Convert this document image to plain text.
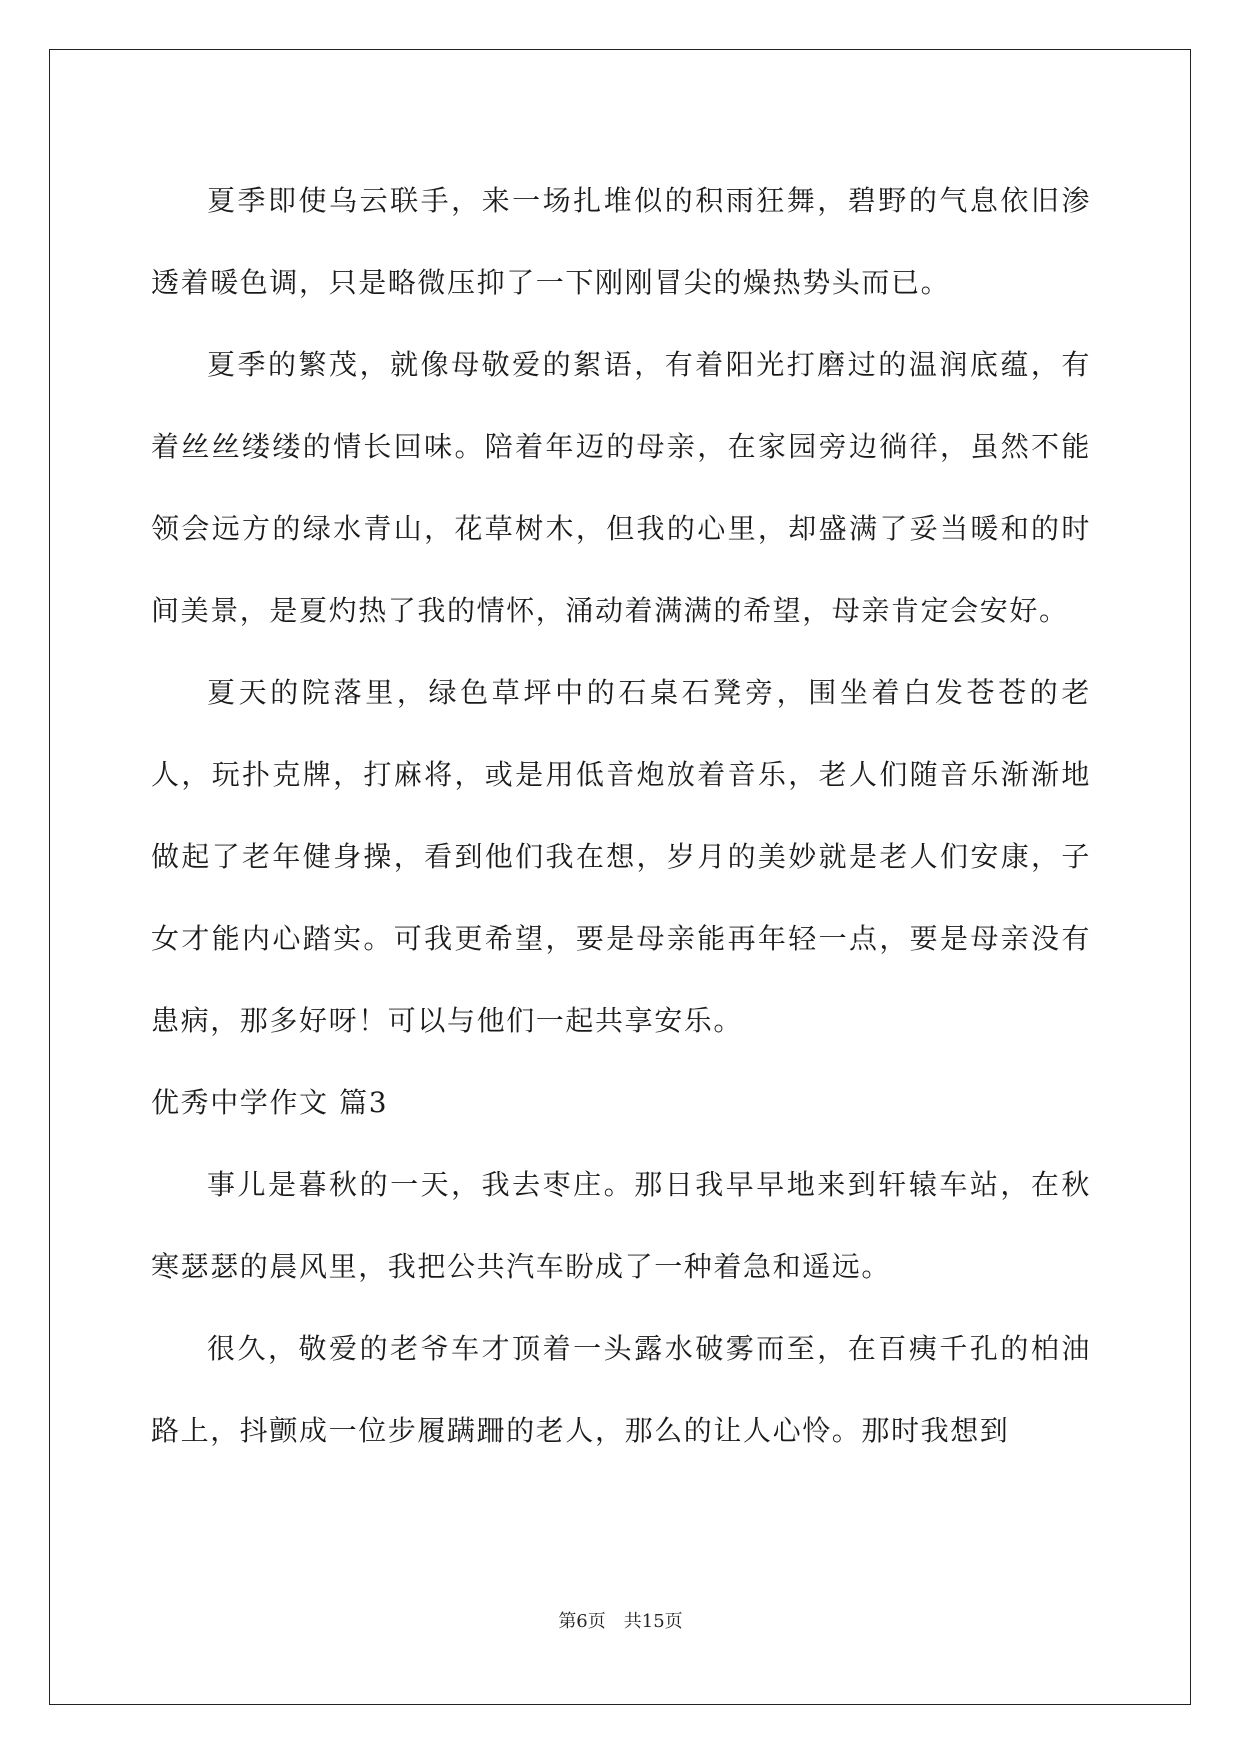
夏季即使乌云联手，来一场扎堆似的积雨狂舞，碧野的气息依旧渗透着暖色调，只是略微压抑了一下刚刚冒尖的燥热势头而已。

夏季的繁茂，就像母敬爱的絮语，有着阳光打磨过的温润底蕴，有着丝丝缕缕的情长回味。陪着年迈的母亲，在家园旁边徜徉，虽然不能领会远方的绿水青山，花草树木，但我的心里，却盛满了妥当暖和的时间美景，是夏灼热了我的情怀，涌动着满满的希望，母亲肯定会安好。

夏天的院落里，绿色草坪中的石桌石凳旁，围坐着白发苍苍的老人，玩扑克牌，打麻将，或是用低音炮放着音乐，老人们随音乐渐渐地做起了老年健身操，看到他们我在想，岁月的美妙就是老人们安康，子女才能内心踏实。可我更希望，要是母亲能再年轻一点，要是母亲没有患病，那多好呀！可以与他们一起共享安乐。

优秀中学作文 篇3

事儿是暮秋的一天，我去枣庄。那日我早早地来到轩辕车站，在秋寒瑟瑟的晨风里，我把公共汽车盼成了一种着急和遥远。

很久，敬爱的老爷车才顶着一头露水破雾而至，在百痍千孔的柏油路上，抖颤成一位步履蹒跚的老人，那么的让人心怜。那时我想到

第6页 共15页
